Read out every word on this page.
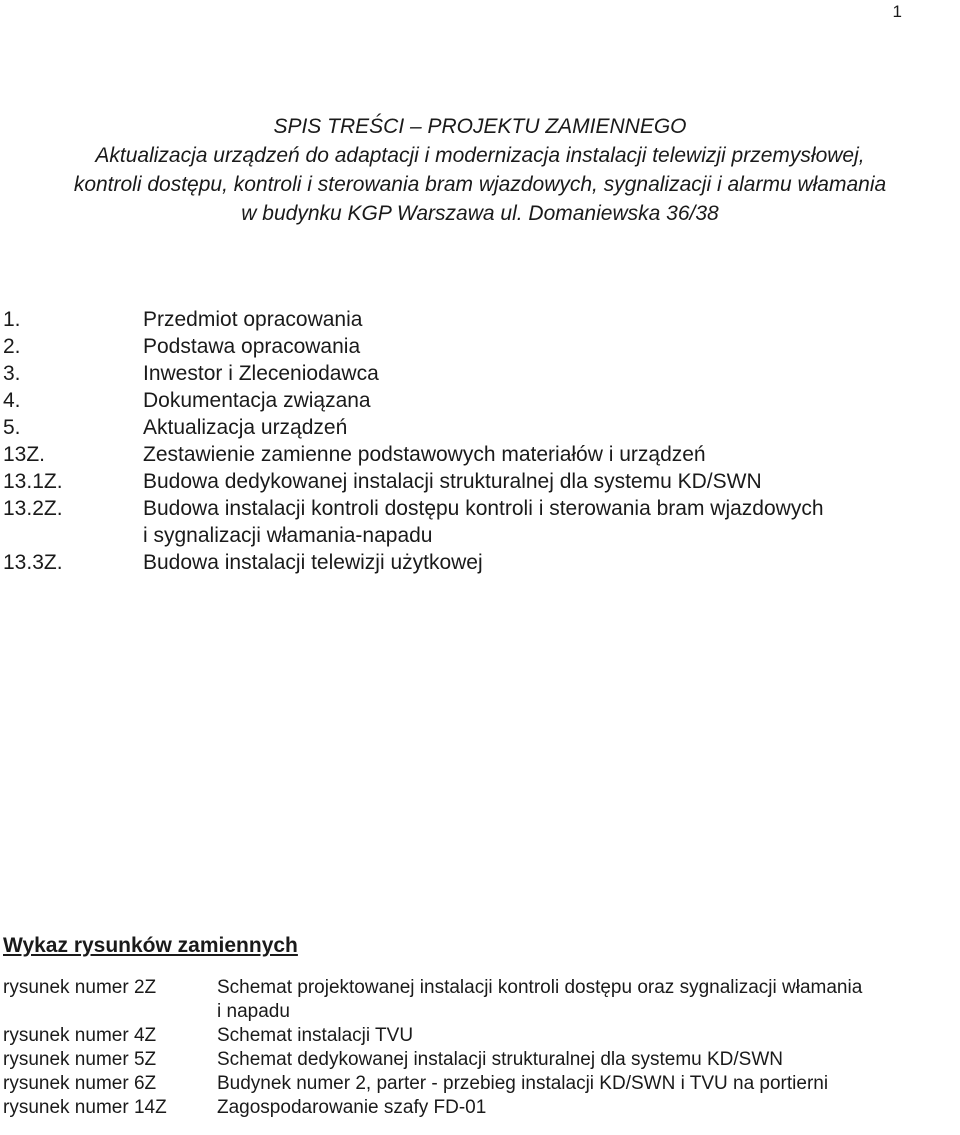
1
SPIS TREŚCI – PROJEKTU ZAMIENNEGO
Aktualizacja urządzeń do adaptacji i modernizacja instalacji telewizji przemysłowej,
kontroli dostępu, kontroli i sterowania bram wjazdowych, sygnalizacji i alarmu włamania
w budynku KGP Warszawa ul. Domaniewska 36/38
1.	Przedmiot opracowania
2.	Podstawa opracowania
3.	Inwestor i Zleceniodawca
4.	Dokumentacja związana
5.	Aktualizacja urządzeń
13Z.	Zestawienie zamienne podstawowych materiałów i urządzeń
13.1Z.	Budowa dedykowanej instalacji strukturalnej dla systemu KD/SWN
13.2Z.	Budowa instalacji kontroli dostępu kontroli i sterowania bram wjazdowych
i sygnalizacji włamania-napadu
13.3Z.	Budowa instalacji telewizji użytkowej
Wykaz rysunków zamiennych
rysunek numer 2Z	Schemat projektowanej instalacji kontroli dostępu oraz sygnalizacji włamania
i napadu
rysunek numer 4Z	Schemat instalacji TVU
rysunek numer 5Z	Schemat dedykowanej instalacji strukturalnej dla systemu KD/SWN
rysunek numer 6Z	Budynek numer 2, parter - przebieg instalacji KD/SWN i TVU na portierni
rysunek numer 14Z	Zagospodarowanie szafy FD-01
